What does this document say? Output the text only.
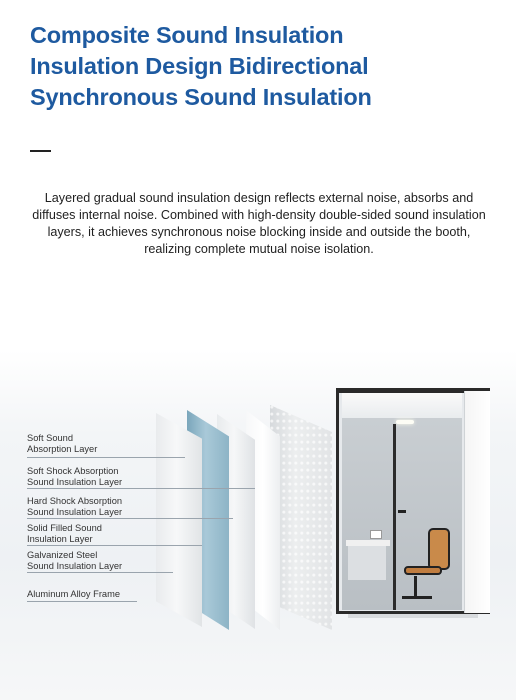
Composite Sound Insulation
Insulation Design Bidirectional
Synchronous Sound Insulation

Layered gradual sound insulation design reflects external noise, absorbs and diffuses internal noise. Combined with high-density double-sided sound insulation layers, it achieves synchronous noise blocking inside and outside the booth, realizing complete mutual noise isolation.

Soft Sound
Absorption Layer
Soft Shock Absorption
Sound Insulation Layer
Hard Shock Absorption
Sound Insulation Layer
Solid Filled Sound
Insulation Layer
Galvanized Steel
Sound Insulation Layer
Aluminum Alloy Frame
